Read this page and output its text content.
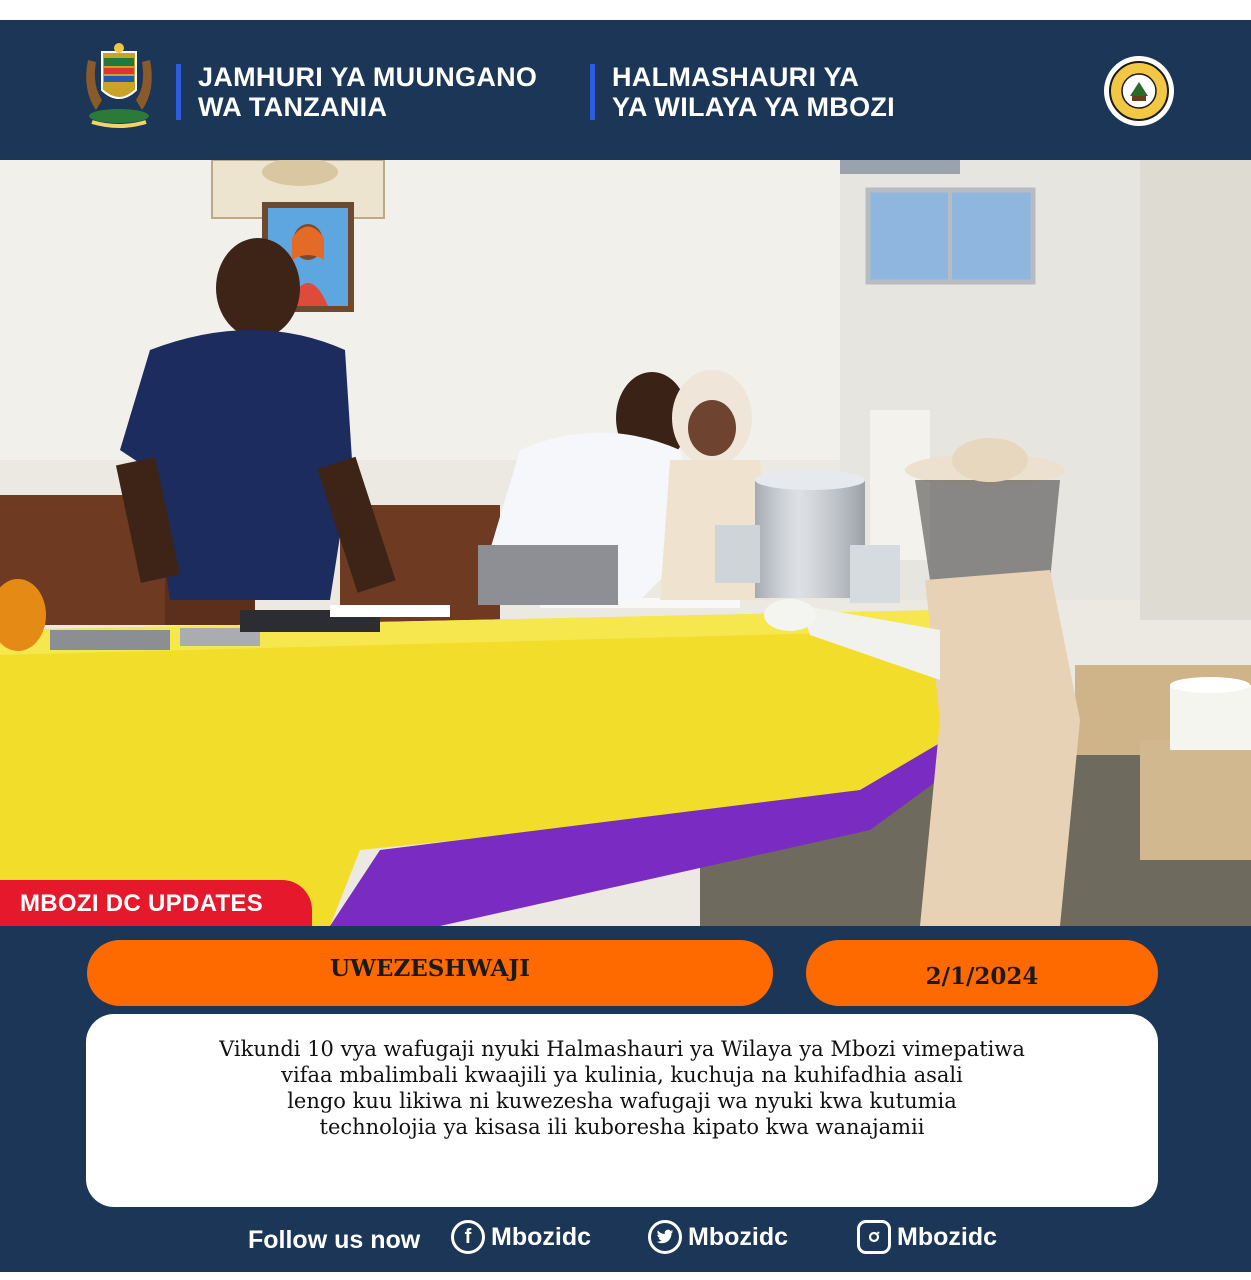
JAMHURI YA MUUNGANO
WA TANZANIA
HALMASHAURI YA
YA WILAYA YA MBOZI
MBOZI DC UPDATES
UWEZESHWAJI	2/1/2024

Vikundi 10 vya wafugaji nyuki Halmashauri ya Wilaya ya Mbozi vimepatiwa
vifaa mbalimbali kwaajili ya kulinia, kuchuja na kuhifadhia asali
lengo kuu likiwa ni kuwezesha wafugaji wa nyuki kwa kutumia
technolojia ya kisasa ili kuboresha kipato kwa wanajamii

Follow us now	f Mbozidc	Mbozidc	Mbozidc
